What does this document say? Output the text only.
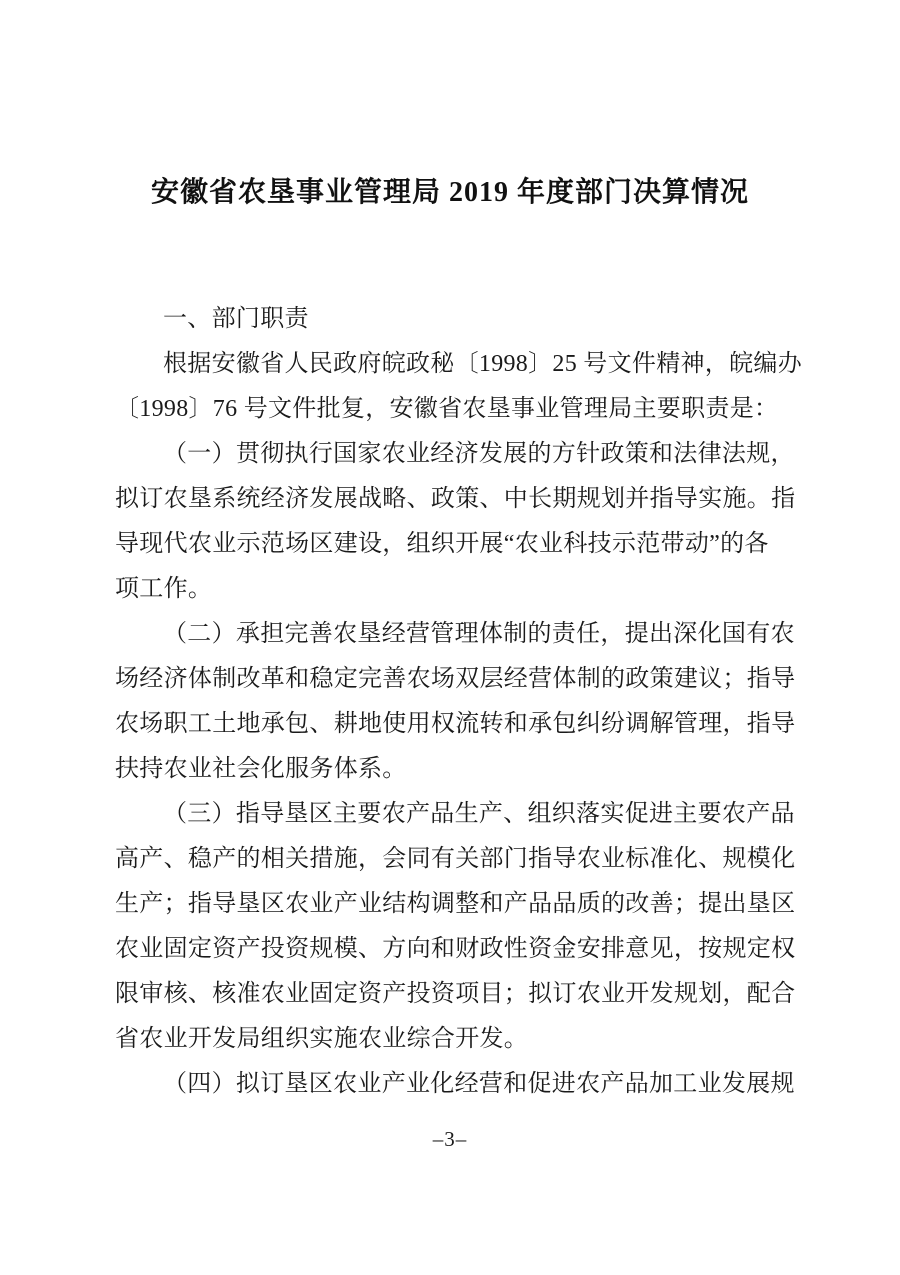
安徽省农垦事业管理局 2019 年度部门决算情况
一、部门职责
根据安徽省人民政府皖政秘〔1998〕25 号文件精神，皖编办
〔1998〕76 号文件批复，安徽省农垦事业管理局主要职责是：
（一）贯彻执行国家农业经济发展的方针政策和法律法规，
拟订农垦系统经济发展战略、政策、中长期规划并指导实施。指
导现代农业示范场区建设，组织开展“农业科技示范带动”的各
项工作。
（二）承担完善农垦经营管理体制的责任，提出深化国有农
场经济体制改革和稳定完善农场双层经营体制的政策建议；指导
农场职工土地承包、耕地使用权流转和承包纠纷调解管理，指导
扶持农业社会化服务体系。
（三）指导垦区主要农产品生产、组织落实促进主要农产品
高产、稳产的相关措施，会同有关部门指导农业标准化、规模化
生产；指导垦区农业产业结构调整和产品品质的改善；提出垦区
农业固定资产投资规模、方向和财政性资金安排意见，按规定权
限审核、核准农业固定资产投资项目；拟订农业开发规划，配合
省农业开发局组织实施农业综合开发。
（四）拟订垦区农业产业化经营和促进农产品加工业发展规
–3–
